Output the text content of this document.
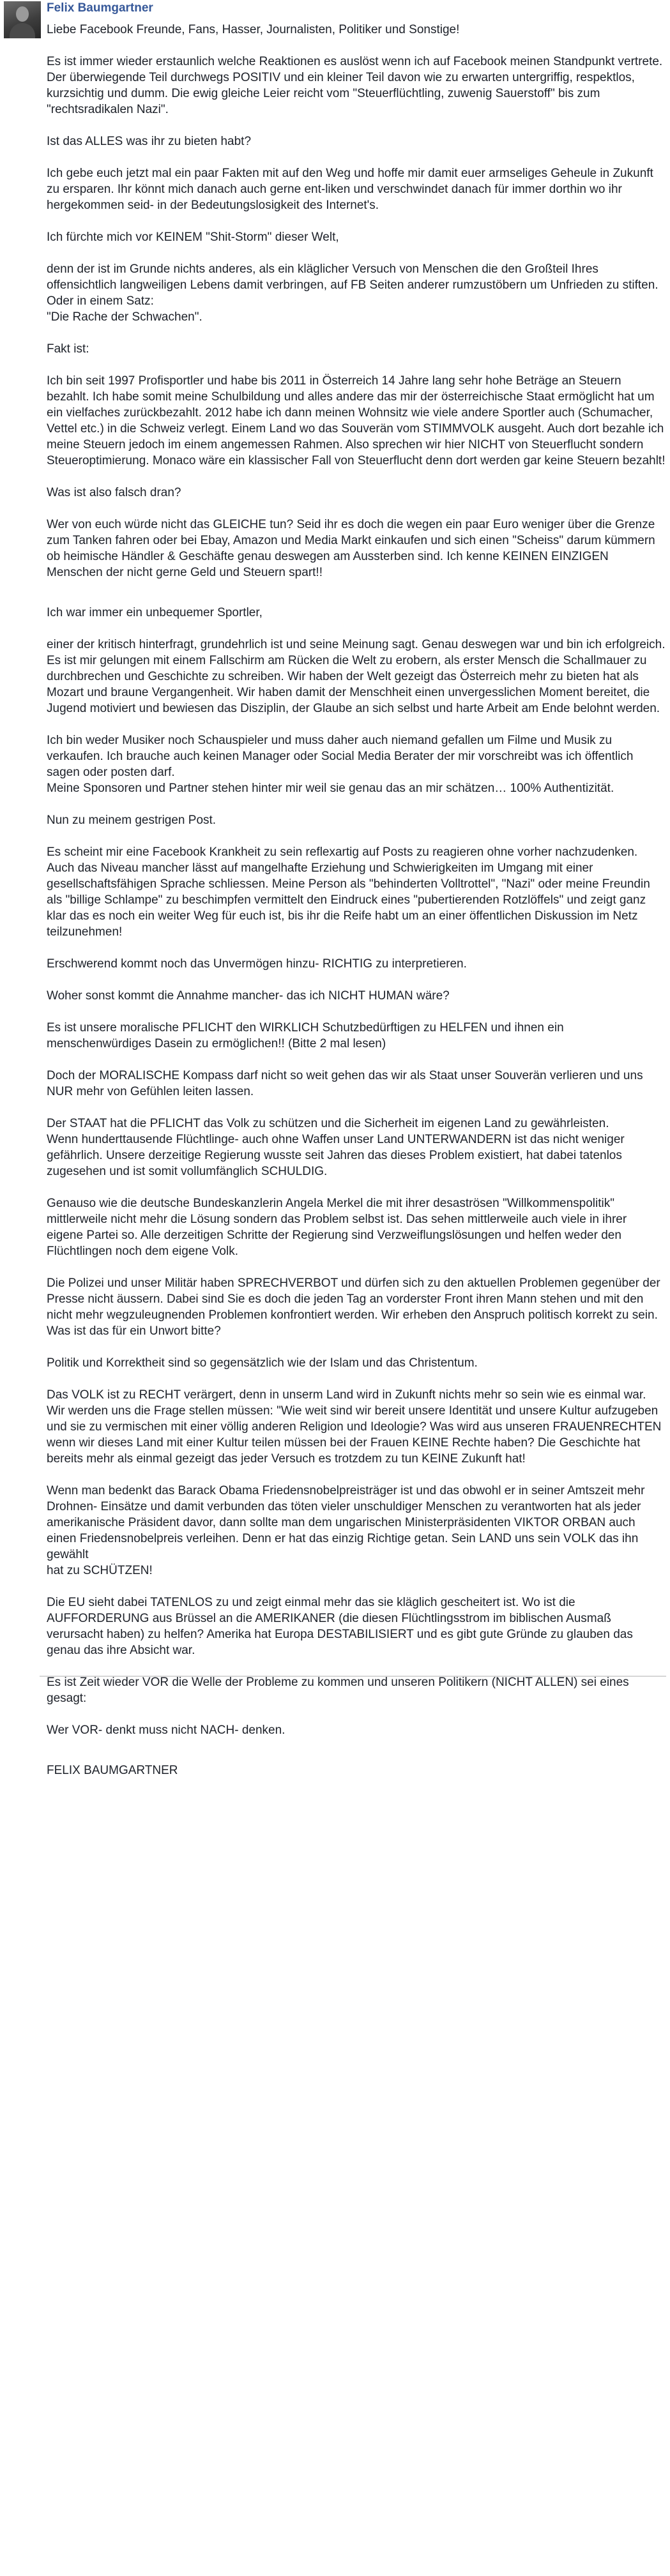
Felix Baumgartner

Liebe Facebook Freunde, Fans, Hasser, Journalisten, Politiker und Sonstige!

Es ist immer wieder erstaunlich welche Reaktionen es auslöst wenn ich auf Facebook meinen Standpunkt vertrete. Der überwiegende Teil durchwegs POSITIV und ein kleiner Teil davon wie zu erwarten untergriffig, respektlos, kurzsichtig und dumm. Die ewig gleiche Leier reicht vom "Steuerflüchtling, zuwenig Sauerstoff" bis zum "rechtsradikalen Nazi".

Ist das ALLES was ihr zu bieten habt?

Ich gebe euch jetzt mal ein paar Fakten mit auf den Weg und hoffe mir damit euer armseliges Geheule in Zukunft zu ersparen. Ihr könnt mich danach auch gerne ent-liken und verschwindet danach für immer dorthin wo ihr hergekommen seid- in der Bedeutungslosigkeit des Internet's.

Ich fürchte mich vor KEINEM "Shit-Storm" dieser Welt,

denn der ist im Grunde nichts anderes, als ein kläglicher Versuch von Menschen die den Großteil Ihres offensichtlich langweiligen Lebens damit verbringen, auf FB Seiten anderer rumzustöbern um Unfrieden zu stiften. Oder in einem Satz:
"Die Rache der Schwachen".

Fakt ist:

Ich bin seit 1997 Profisportler und habe bis 2011 in Österreich 14 Jahre lang sehr hohe Beträge an Steuern bezahlt. Ich habe somit meine Schulbildung und alles andere das mir der österreichische Staat ermöglicht hat um ein vielfaches zurückbezahlt. 2012 habe ich dann meinen Wohnsitz wie viele andere Sportler auch (Schumacher, Vettel etc.) in die Schweiz verlegt. Einem Land wo das Souverän vom STIMMVOLK ausgeht. Auch dort bezahle ich meine Steuern jedoch im einem angemessen Rahmen. Also sprechen wir hier NICHT von Steuerflucht sondern Steueroptimierung. Monaco wäre ein klassischer Fall von Steuerflucht denn dort werden gar keine Steuern bezahlt!

Was ist also falsch dran?

Wer von euch würde nicht das GLEICHE tun? Seid ihr es doch die wegen ein paar Euro weniger über die Grenze zum Tanken fahren oder bei Ebay, Amazon und Media Markt einkaufen und sich einen "Scheiss" darum kümmern ob heimische Händler & Geschäfte genau deswegen am Aussterben sind. Ich kenne KEINEN EINZIGEN Menschen der nicht gerne Geld und Steuern spart!!

Ich war immer ein unbequemer Sportler,

einer der kritisch hinterfragt, grundehrlich ist und seine Meinung sagt. Genau deswegen war und bin ich erfolgreich. Es ist mir gelungen mit einem Fallschirm am Rücken die Welt zu erobern, als erster Mensch die Schallmauer zu durchbrechen und Geschichte zu schreiben. Wir haben der Welt gezeigt das Österreich mehr zu bieten hat als Mozart und braune Vergangenheit. Wir haben damit der Menschheit einen unvergesslichen Moment bereitet, die Jugend motiviert und bewiesen das Disziplin, der Glaube an sich selbst und harte Arbeit am Ende belohnt werden.

Ich bin weder Musiker noch Schauspieler und muss daher auch niemand gefallen um Filme und Musik zu verkaufen. Ich brauche auch keinen Manager oder Social Media Berater der mir vorschreibt was ich öffentlich sagen oder posten darf.
Meine Sponsoren und Partner stehen hinter mir weil sie genau das an mir schätzen… 100% Authentizität.

Nun zu meinem gestrigen Post.

Es scheint mir eine Facebook Krankheit zu sein reflexartig auf Posts zu reagieren ohne vorher nachzudenken. Auch das Niveau mancher lässt auf mangelhafte Erziehung und Schwierigkeiten im Umgang mit einer gesellschaftsfähigen Sprache schliessen. Meine Person als "behinderten Volltrottel", "Nazi" oder meine Freundin als "billige Schlampe" zu beschimpfen vermittelt den Eindruck eines "pubertierenden Rotzlöffels" und zeigt ganz klar das es noch ein weiter Weg für euch ist, bis ihr die Reife habt um an einer öffentlichen Diskussion im Netz teilzunehmen!

Erschwerend kommt noch das Unvermögen hinzu- RICHTIG zu interpretieren.

Woher sonst kommt die Annahme mancher- das ich NICHT HUMAN wäre?

Es ist unsere moralische PFLICHT den WIRKLICH Schutzbedürftigen zu HELFEN und ihnen ein menschenwürdiges Dasein zu ermöglichen!! (Bitte 2 mal lesen)

Doch der MORALISCHE Kompass darf nicht so weit gehen das wir als Staat unser Souverän verlieren und uns NUR mehr von Gefühlen leiten lassen.

Der STAAT hat die PFLICHT das Volk zu schützen und die Sicherheit im eigenen Land zu gewährleisten.
Wenn hunderttausende Flüchtlinge- auch ohne Waffen unser Land UNTERWANDERN ist das nicht weniger gefährlich. Unsere derzeitige Regierung wusste seit Jahren das dieses Problem existiert, hat dabei tatenlos zugesehen und ist somit vollumfänglich SCHULDIG.

Genauso wie die deutsche Bundeskanzlerin Angela Merkel die mit ihrer desaströsen "Willkommenspolitik" mittlerweile nicht mehr die Lösung sondern das Problem selbst ist. Das sehen mittlerweile auch viele in ihrer eigene Partei so. Alle derzeitigen Schritte der Regierung sind Verzweiflungslösungen und helfen weder den Flüchtlingen noch dem eigene Volk.

Die Polizei und unser Militär haben SPRECHVERBOT und dürfen sich zu den aktuellen Problemen gegenüber der Presse nicht äussern. Dabei sind Sie es doch die jeden Tag an vorderster Front ihren Mann stehen und mit den nicht mehr wegzuleugnenden Problemen konfrontiert werden. Wir erheben den Anspruch politisch korrekt zu sein. Was ist das für ein Unwort bitte?

Politik und Korrektheit sind so gegensätzlich wie der Islam und das Christentum.

Das VOLK ist zu RECHT verärgert, denn in unserm Land wird in Zukunft nichts mehr so sein wie es einmal war. Wir werden uns die Frage stellen müssen: "Wie weit sind wir bereit unsere Identität und unsere Kultur aufzugeben und sie zu vermischen mit einer völlig anderen Religion und Ideologie? Was wird aus unseren FRAUENRECHTEN wenn wir dieses Land mit einer Kultur teilen müssen bei der Frauen KEINE Rechte haben? Die Geschichte hat bereits mehr als einmal gezeigt das jeder Versuch es trotzdem zu tun KEINE Zukunft hat!

Wenn man bedenkt das Barack Obama Friedensnobelpreisträger ist und das obwohl er in seiner Amtszeit mehr Drohnen- Einsätze und damit verbunden das töten vieler unschuldiger Menschen zu verantworten hat als jeder amerikanische Präsident davor, dann sollte man dem ungarischen Ministerpräsidenten VIKTOR ORBAN auch einen Friedensnobelpreis verleihen. Denn er hat das einzig Richtige getan. Sein LAND uns sein VOLK das ihn gewählt
hat zu SCHÜTZEN!

Die EU sieht dabei TATENLOS zu und zeigt einmal mehr das sie kläglich gescheitert ist. Wo ist die AUFFORDERUNG aus Brüssel an die AMERIKANER (die diesen Flüchtlingsstrom im biblischen Ausmaß verursacht haben) zu helfen? Amerika hat Europa DESTABILISIERT und es gibt gute Gründe zu glauben das genau das ihre Absicht war.

Es ist Zeit wieder VOR die Welle der Probleme zu kommen und unseren Politikern (NICHT ALLEN) sei eines gesagt:

Wer VOR- denkt muss nicht NACH- denken.

FELIX BAUMGARTNER
